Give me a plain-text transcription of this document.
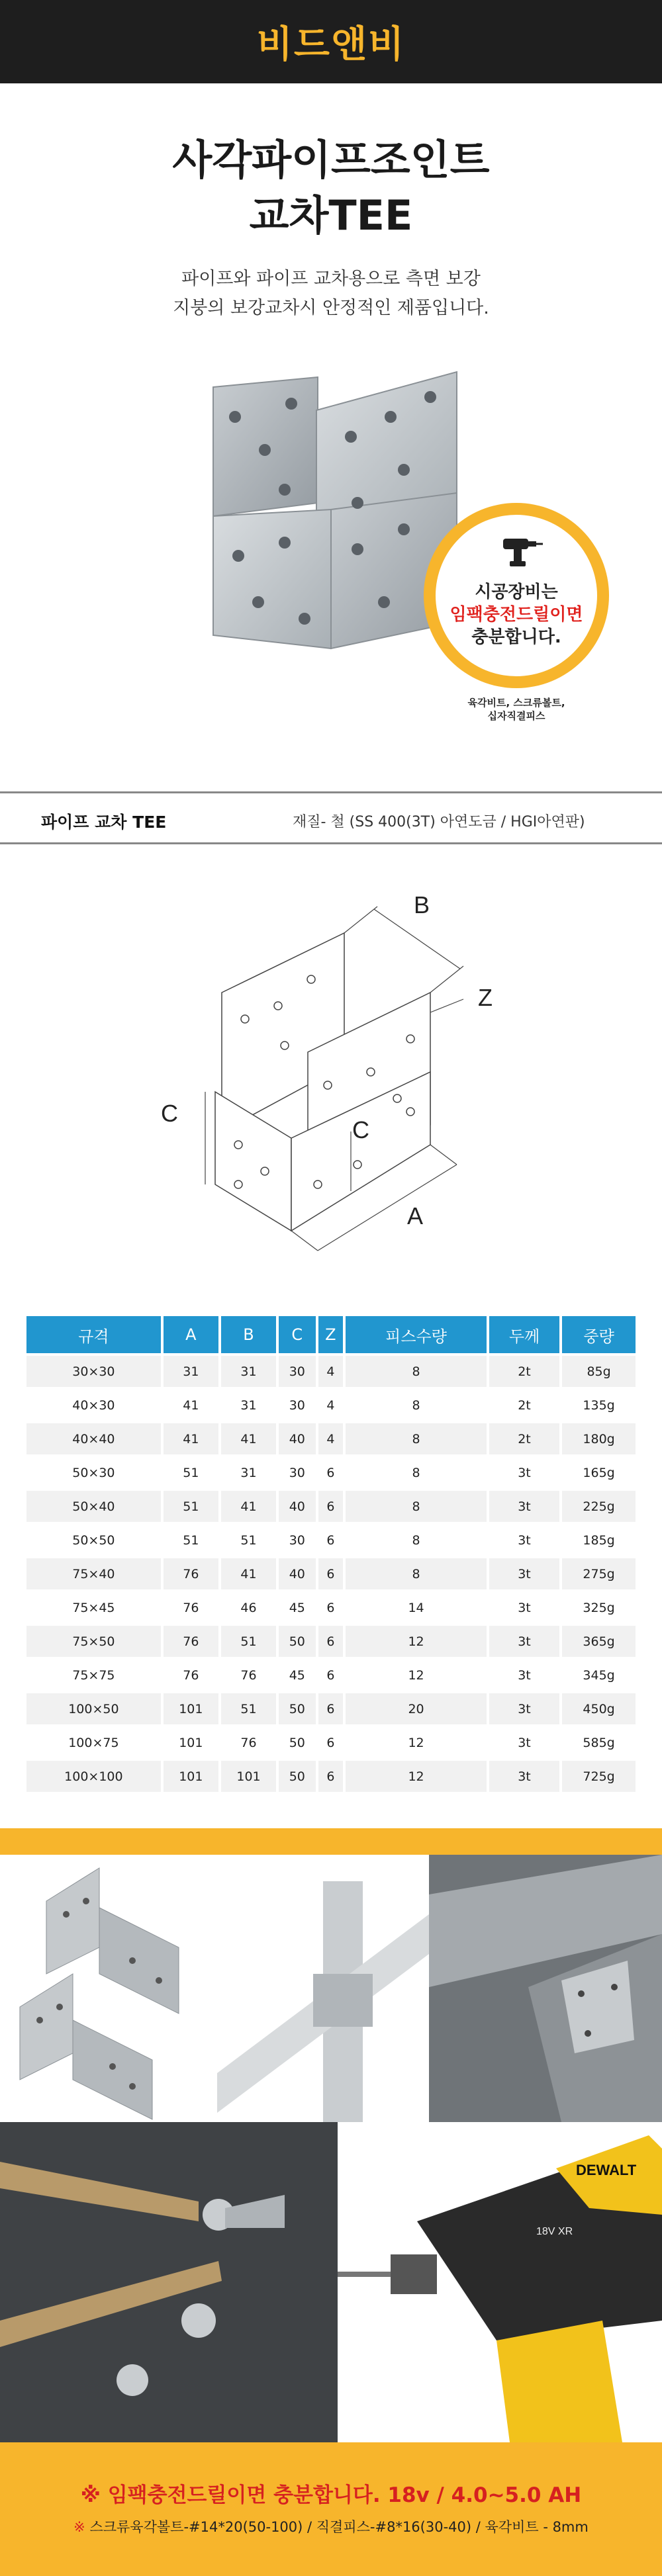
비드앤비
사각파이프조인트
교차TEE
파이프와 파이프 교차용으로 측면 보강
지붕의 보강교차시 안정적인 제품입니다.
시공장비는
임팩충전드릴이면
충분합니다.
육각비트, 스크류볼트,
십자직결피스
파이프 교차 TEE	재질- 철 (SS 400(3T) 아연도금 / HGI아연판)
B
Z
C
C
A
규격	A	B	C	Z	피스수량	두께	중량
30×30	31	31	30	4	8	2t	85g
40×30	41	31	30	4	8	2t	135g
40×40	41	41	40	4	8	2t	180g
50×30	51	31	30	6	8	3t	165g
50×40	51	41	40	6	8	3t	225g
50×50	51	51	30	6	8	3t	185g
75×40	76	41	40	6	8	3t	275g
75×45	76	46	45	6	14	3t	325g
75×50	76	51	50	6	12	3t	365g
75×75	76	76	45	6	12	3t	345g
100×50	101	51	50	6	20	3t	450g
100×75	101	76	50	6	12	3t	585g
100×100	101	101	50	6	12	3t	725g
DEWALT
18V XR
※ 임팩충전드릴이면 충분합니다. 18v / 4.0~5.0 AH
※ 스크류육각볼트-#14*20(50-100) / 직결피스-#8*16(30-40) / 육각비트 - 8mm
